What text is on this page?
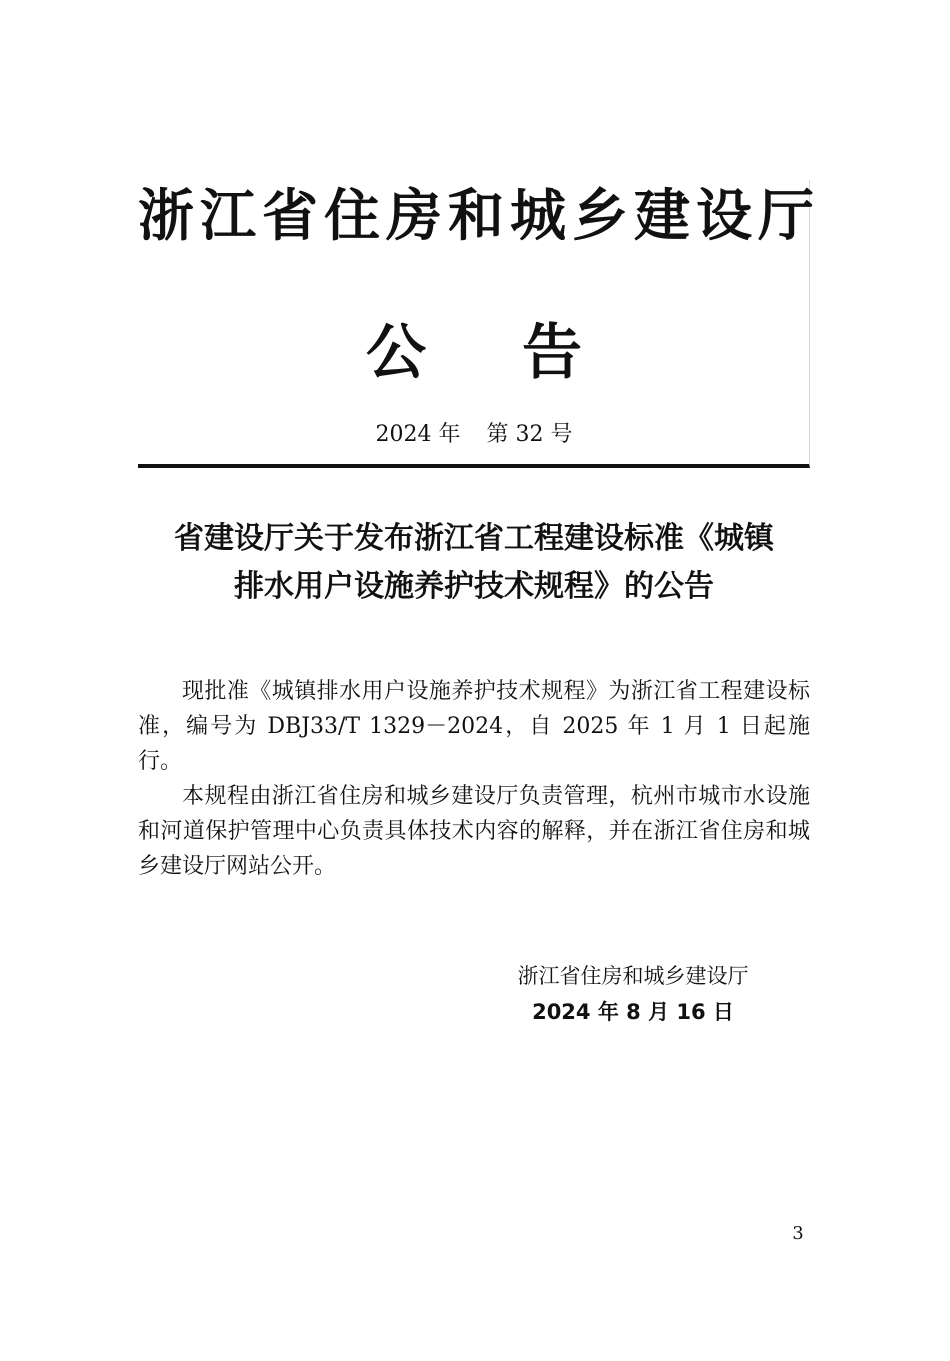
浙江省住房和城乡建设厅
公告
2024 年 第 32 号
省建设厅关于发布浙江省工程建设标准《城镇
排水用户设施养护技术规程》的公告

现批准《城镇排水用户设施养护技术规程》为浙江省工程建设标准，编号为 DBJ33/T 1329－2024，自 2025 年 1 月 1 日起施行。

本规程由浙江省住房和城乡建设厅负责管理，杭州市城市水设施和河道保护管理中心负责具体技术内容的解释，并在浙江省住房和城乡建设厅网站公开。

浙江省住房和城乡建设厅
2024 年 8 月 16 日
3
